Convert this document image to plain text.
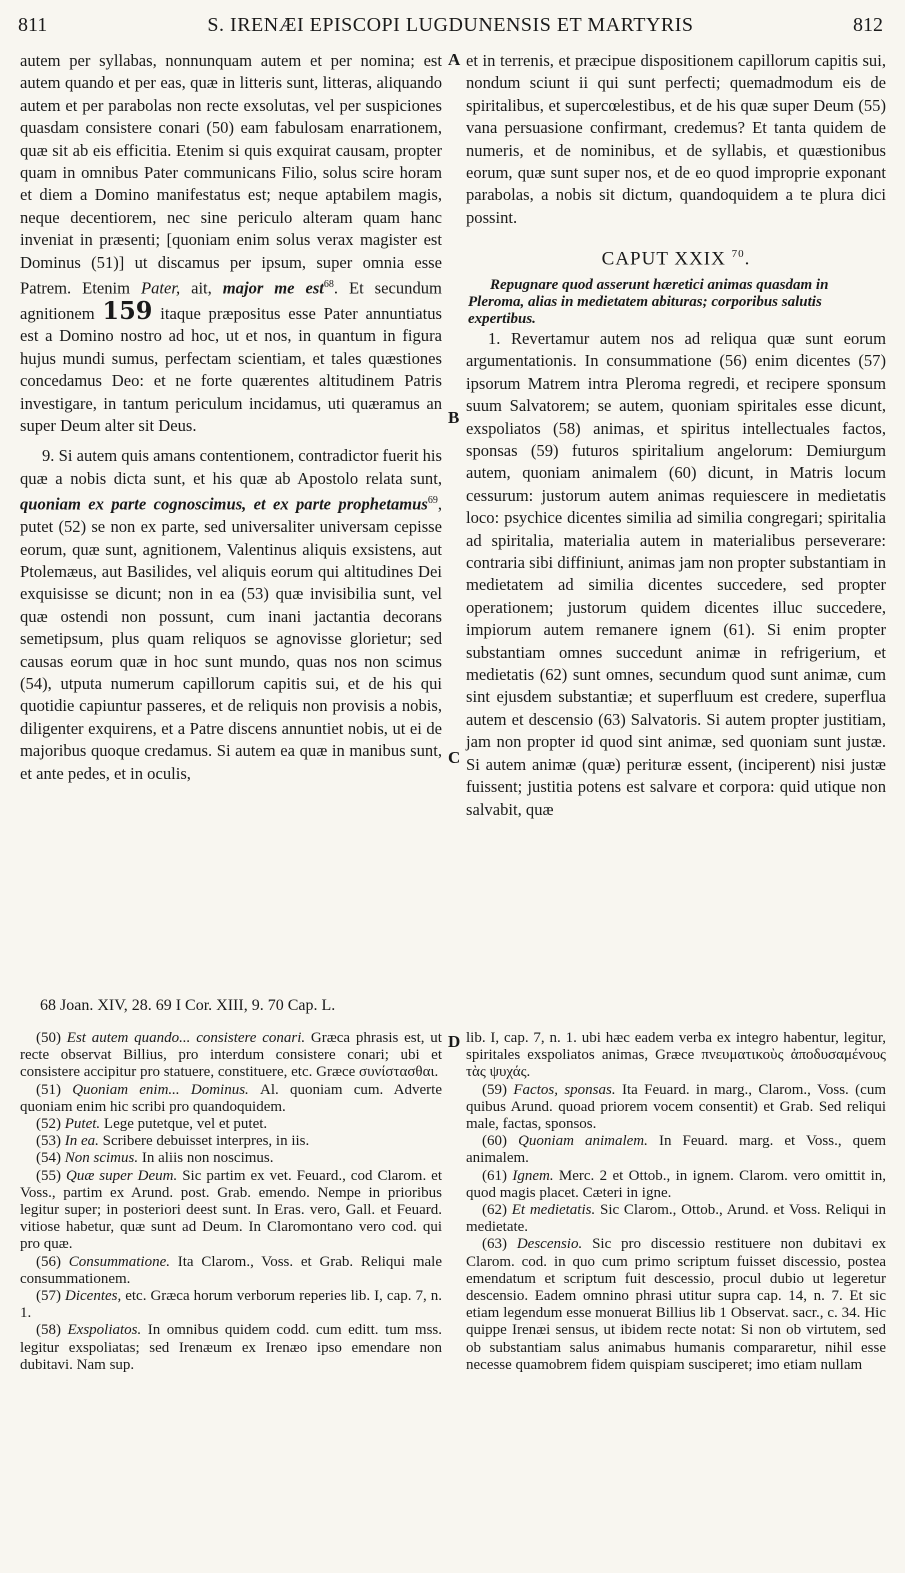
811	S. IRENÆI EPISCOPI LUGDUNENSIS ET MARTYRIS	812
A
B
C
D

autem per syllabas, nonnunquam autem et per nomina; est autem quando et per eas, quæ in litteris sunt, litteras, aliquando autem et per parabolas non recte exsolutas, vel per suspiciones quasdam consistere conari (50) eam fabulosam enarrationem, quæ sit ab eis efficitia. Etenim si quis exquirat causam, propter quam in omnibus Pater communicans Filio, solus scire horam et diem a Domino manifestatus est; neque aptabilem magis, neque decentiorem, nec sine periculo alteram quam hanc inveniat in præsenti; [quoniam enim solus verax magister est Dominus (51)] ut discamus per ipsum, super omnia esse Patrem. Etenim Pater, ait, major me est$^{68}$. Et secundum agnitionem 159 itaque præpositus esse Pater annuntiatus est a Domino nostro ad hoc, ut et nos, in quantum in figura hujus mundi sumus, perfectam scientiam, et tales quæstiones concedamus Deo: et ne forte quærentes altitudinem Patris investigare, in tantum periculum incidamus, uti quæramus an super Deum alter sit Deus.

9. Si autem quis amans contentionem, contradictor fuerit his quæ a nobis dicta sunt, et his quæ ab Apostolo relata sunt, quoniam ex parte cognoscimus, et ex parte prophetamus$^{69}$, putet (52) se non ex parte, sed universaliter universam cepisse eorum, quæ sunt, agnitionem, Valentinus aliquis exsistens, aut Ptolemæus, aut Basilides, vel aliquis eorum qui altitudines Dei exquisisse se dicunt; non in ea (53) quæ invisibilia sunt, vel quæ ostendi non possunt, cum inani jactantia decorans semetipsum, plus quam reliquos se agnovisse glorietur; sed causas eorum quæ in hoc sunt mundo, quas nos non scimus (54), utputa numerum capillorum capitis sui, et de his qui quotidie capiuntur passeres, et de reliquis non provisis a nobis, diligenter exquirens, et a Patre discens annuntiet nobis, ut ei de majoribus quoque credamus. Si autem ea quæ in manibus sunt, et ante pedes, et in oculis,

et in terrenis, et præcipue dispositionem capillorum capitis sui, nondum sciunt ii qui sunt perfecti; quemadmodum eis de spiritalibus, et supercœlestibus, et de his quæ super Deum (55) vana persuasione confirmant, credemus? Et tanta quidem de numeris, et de nominibus, et de syllabis, et quæstionibus eorum, quæ sunt super nos, et de eo quod improprie exponant parabolas, a nobis sit dictum, quandoquidem a te plura dici possint.

CAPUT XXIX $^{70}$.

Repugnare quod asserunt hæretici animas quasdam in Pleroma, alias in medietatem abituras; corporibus salutis expertibus.

1. Revertamur autem nos ad reliqua quæ sunt eorum argumentationis. In consummatione (56) enim dicentes (57) ipsorum Matrem intra Pleroma regredi, et recipere sponsum suum Salvatorem; se autem, quoniam spiritales esse dicunt, exspoliatos (58) animas, et spiritus intellectuales factos, sponsas (59) futuros spiritalium angelorum: Demiurgum autem, quoniam animalem (60) dicunt, in Matris locum cessurum: justorum autem animas requiescere in medietatis loco: psychice dicentes similia ad similia congregari; spiritalia ad spiritalia, materialia autem in materialibus perseverare: contraria sibi diffiniunt, animas jam non propter substantiam in medietatem ad similia dicentes succedere, sed propter operationem; justorum quidem dicentes illuc succedere, impiorum autem remanere ignem (61). Si enim propter substantiam omnes succedunt animæ in refrigerium, et medietatis (62) sunt omnes, secundum quod sunt animæ, cum sint ejusdem substantiæ; et superfluum est credere, superflua autem et descensio (63) Salvatoris. Si autem propter justitiam, jam non propter id quod sint animæ, sed quoniam sunt justæ. Si autem animæ (quæ) perituræ essent, (inciperent) nisi justæ fuissent; justitia potens est salvare et corpora: quid utique non salvabit, quæ

68 Joan. XIV, 28. 69 I Cor. XIII, 9. 70 Cap. L.

(50) Est autem quando... consistere conari. Græca phrasis est, ut recte observat Billius, pro interdum consistere conari; ubi et consistere accipitur pro statuere, constituere, etc. Græce συνίστασθαι.

(51) Quoniam enim... Dominus. Al. quoniam cum. Adverte quoniam enim hic scribi pro quandoquidem.

(52) Putet. Lege putetque, vel et putet.

(53) In ea. Scribere debuisset interpres, in iis.

(54) Non scimus. In aliis non noscimus.

(55) Quæ super Deum. Sic partim ex vet. Feuard., cod Clarom. et Voss., partim ex Arund. post. Grab. emendo. Nempe in prioribus legitur super; in posteriori deest sunt. In Eras. vero, Gall. et Feuard. vitiose habetur, quæ sunt ad Deum. In Claromontano vero cod. qui pro quæ.

(56) Consummatione. Ita Clarom., Voss. et Grab. Reliqui male consummationem.

(57) Dicentes, etc. Græca horum verborum reperies lib. I, cap. 7, n. 1.

(58) Exspoliatos. In omnibus quidem codd. cum editt. tum mss. legitur exspoliatas; sed Irenæum ex Irenæo ipso emendare non dubitavi. Nam sup.

lib. I, cap. 7, n. 1. ubi hæc eadem verba ex integro habentur, legitur, spiritales exspoliatos animas, Græce πνευματικοὺς ἀποδυσαμένους τὰς ψυχάς.

(59) Factos, sponsas. Ita Feuard. in marg., Clarom., Voss. (cum quibus Arund. quoad priorem vocem consentit) et Grab. Sed reliqui male, factas, sponsos.

(60) Quoniam animalem. In Feuard. marg. et Voss., quem animalem.

(61) Ignem. Merc. 2 et Ottob., in ignem. Clarom. vero omittit in, quod magis placet. Cæteri in igne.

(62) Et medietatis. Sic Clarom., Ottob., Arund. et Voss. Reliqui in medietate.

(63) Descensio. Sic pro discessio restituere non dubitavi ex Clarom. cod. in quo cum primo scriptum fuisset discessio, postea emendatum et scriptum fuit descessio, procul dubio ut legeretur descensio. Eadem omnino phrasi utitur supra cap. 14, n. 7. Et sic etiam legendum esse monuerat Billius lib 1 Observat. sacr., c. 34. Hic quippe Irenæi sensus, ut ibidem recte notat: Si non ob virtutem, sed ob substantiam salus animabus humanis compararetur, nihil esse necesse quamobrem fidem quispiam susciperet; imo etiam nullam
